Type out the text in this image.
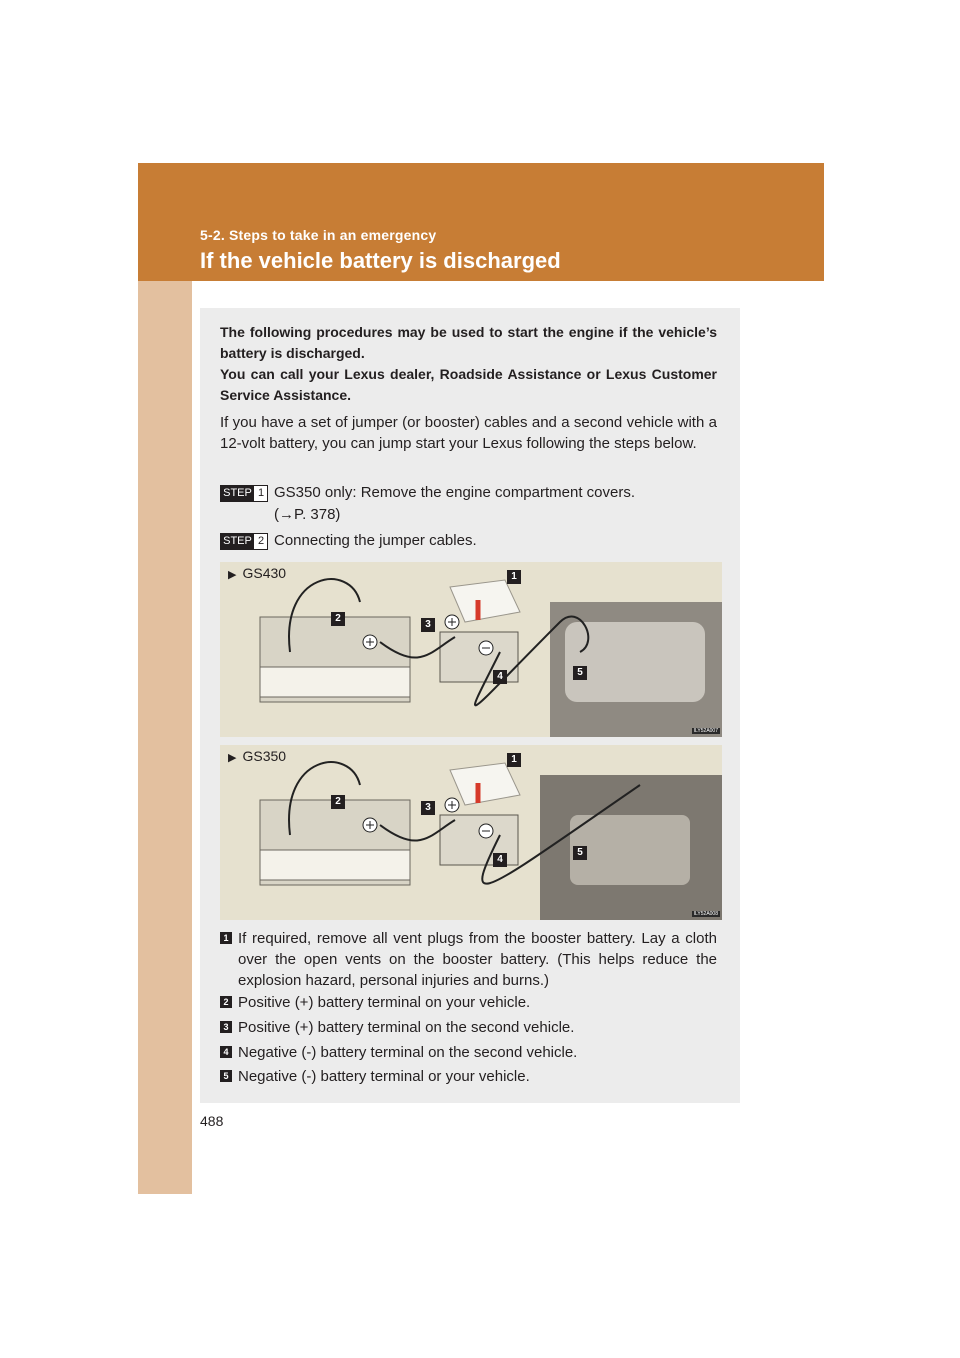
5-2. Steps to take in an emergency
If the vehicle battery is discharged
488

The following procedures may be used to start the engine if the vehicle’s battery is discharged.

You can call your Lexus dealer, Roadside Assistance or Lexus Customer Service Assistance.

If you have a set of jumper (or booster) cables and a second vehicle with a 12-volt battery, you can jump start your Lexus following the steps below.
STEP 1 GS350 only: Remove the engine compartment covers.
(→P. 378)
STEP 2 Connecting the jumper cables.
▶ GS430	1
2
3
4	5
ILY52A007
▶ GS350	1
2
3
4
5
ILY52A008
1 If required, remove all vent plugs from the booster battery. Lay a cloth over the open vents on the booster battery. (This helps reduce the explosion hazard, personal injuries and burns.)
2 Positive (+) battery terminal on your vehicle.
3 Positive (+) battery terminal on the second vehicle.
4 Negative (-) battery terminal on the second vehicle.
5 Negative (-) battery terminal or your vehicle.
